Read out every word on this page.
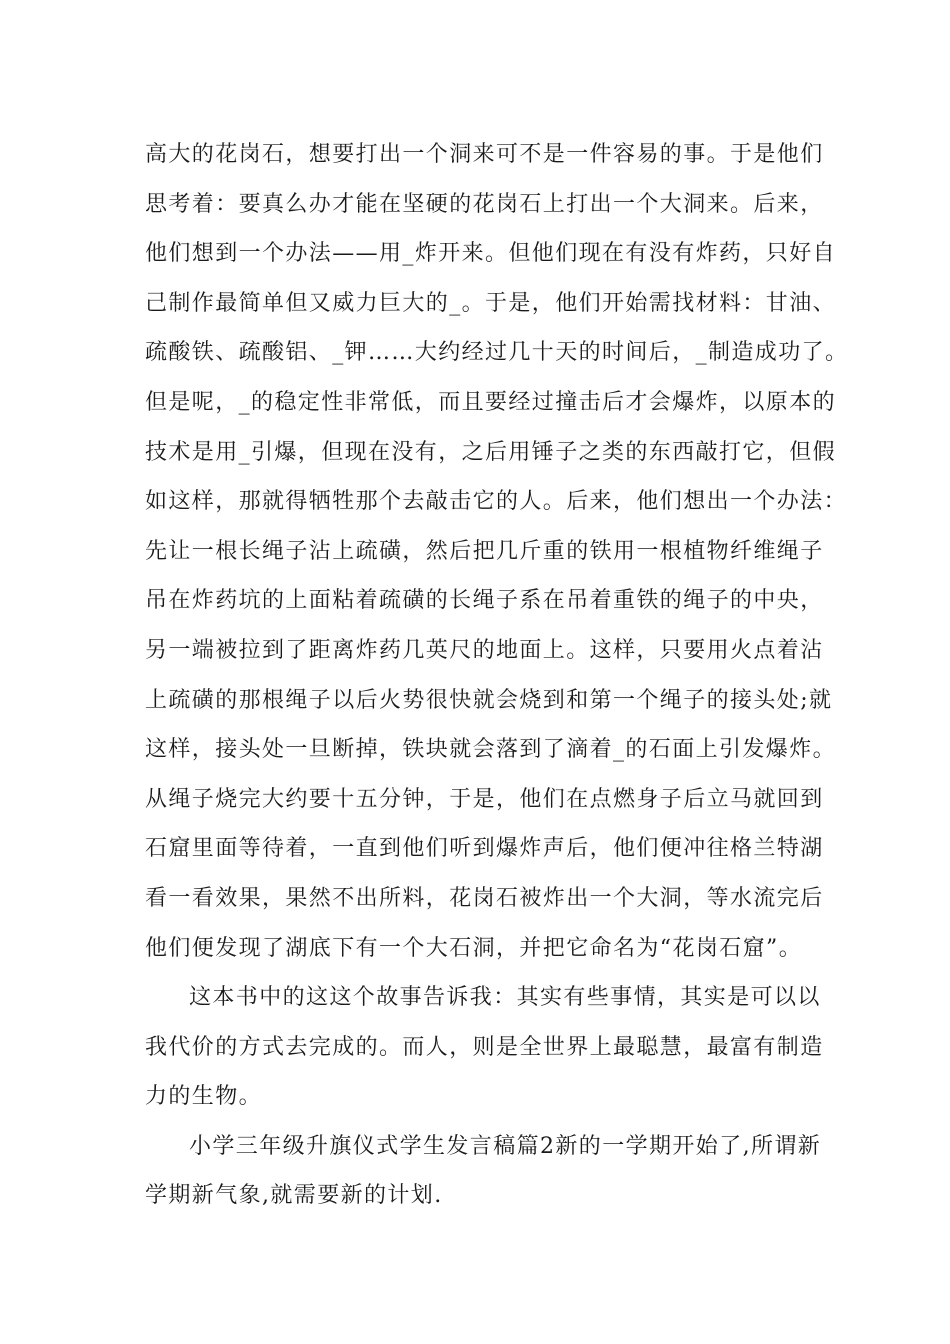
高大的花岗石，想要打出一个洞来可不是一件容易的事。于是他们
思考着：要真么办才能在坚硬的花岗石上打出一个大洞来。后来，
他们想到一个办法——用_炸开来。但他们现在有没有炸药，只好自
己制作最简单但又威力巨大的_。于是，他们开始需找材料：甘油、
疏酸铁、疏酸铝、_钾……大约经过几十天的时间后，_制造成功了。
但是呢，_的稳定性非常低，而且要经过撞击后才会爆炸，以原本的
技术是用_引爆，但现在没有，之后用锤子之类的东西敲打它，但假
如这样，那就得牺牲那个去敲击它的人。后来，他们想出一个办法：
先让一根长绳子沾上疏磺，然后把几斤重的铁用一根植物纤维绳子
吊在炸药坑的上面粘着疏磺的长绳子系在吊着重铁的绳子的中央，
另一端被拉到了距离炸药几英尺的地面上。这样，只要用火点着沾
上疏磺的那根绳子以后火势很快就会烧到和第一个绳子的接头处;就
这样，接头处一旦断掉，铁块就会落到了滴着_的石面上引发爆炸。
从绳子烧完大约要十五分钟，于是，他们在点燃身子后立马就回到
石窟里面等待着，一直到他们听到爆炸声后，他们便冲往格兰特湖
看一看效果，果然不出所料，花岗石被炸出一个大洞，等水流完后
他们便发现了湖底下有一个大石洞，并把它命名为“花岗石窟”。
这本书中的这这个故事告诉我：其实有些事情，其实是可以以
我代价的方式去完成的。而人，则是全世界上最聪慧，最富有制造
力的生物。
小学三年级升旗仪式学生发言稿篇2新的一学期开始了,所谓新
学期新气象,就需要新的计划.
